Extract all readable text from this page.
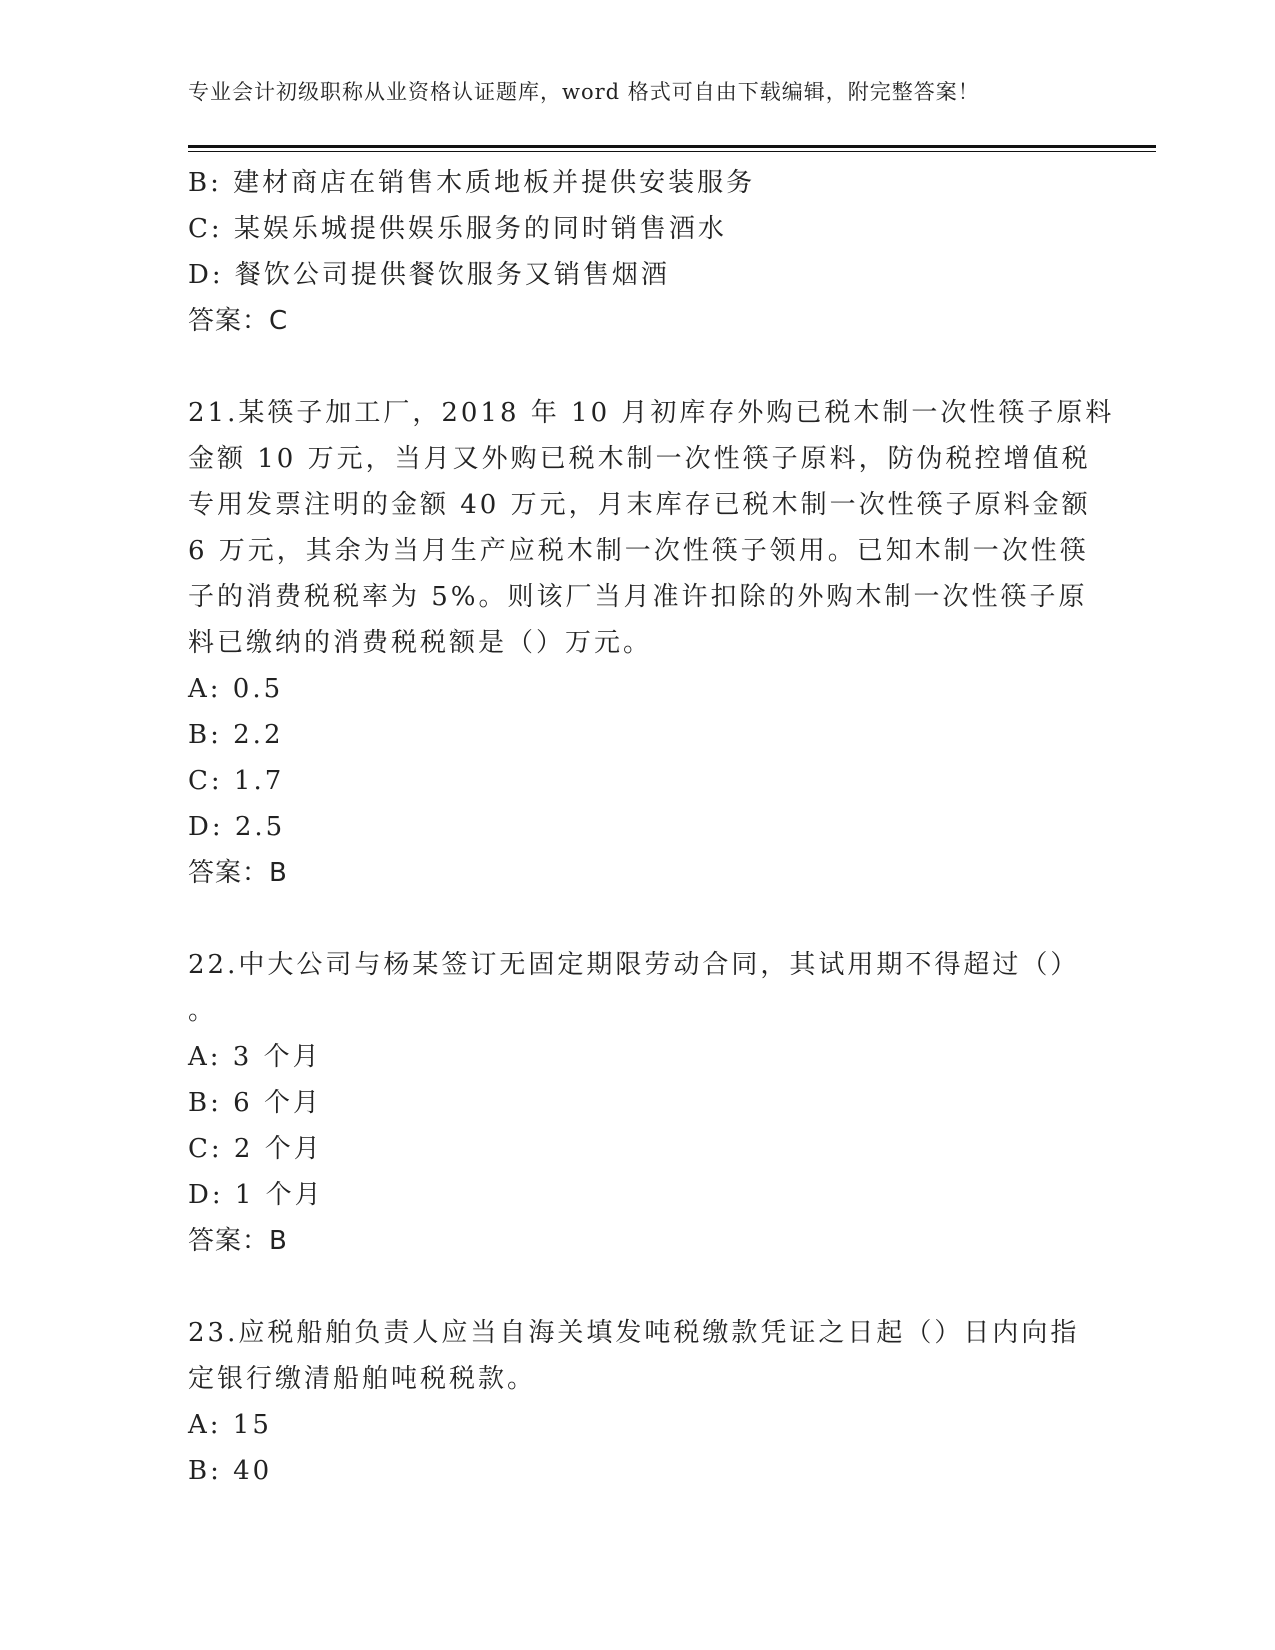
专业会计初级职称从业资格认证题库，word 格式可自由下载编辑，附完整答案！
B: 建材商店在销售木质地板并提供安装服务
C: 某娱乐城提供娱乐服务的同时销售酒水
D: 餐饮公司提供餐饮服务又销售烟酒
答案：C
21.某筷子加工厂，2018 年 10 月初库存外购已税木制一次性筷子原料
金额 10 万元，当月又外购已税木制一次性筷子原料，防伪税控增值税
专用发票注明的金额 40 万元，月末库存已税木制一次性筷子原料金额
6 万元，其余为当月生产应税木制一次性筷子领用。已知木制一次性筷
子的消费税税率为 5%。则该厂当月准许扣除的外购木制一次性筷子原
料已缴纳的消费税税额是（）万元。
A: 0.5
B: 2.2
C: 1.7
D: 2.5
答案：B
22.中大公司与杨某签订无固定期限劳动合同，其试用期不得超过（）
。
A: 3 个月
B: 6 个月
C: 2 个月
D: 1 个月
答案：B
23.应税船舶负责人应当自海关填发吨税缴款凭证之日起（）日内向指
定银行缴清船舶吨税税款。
A: 15
B: 40
